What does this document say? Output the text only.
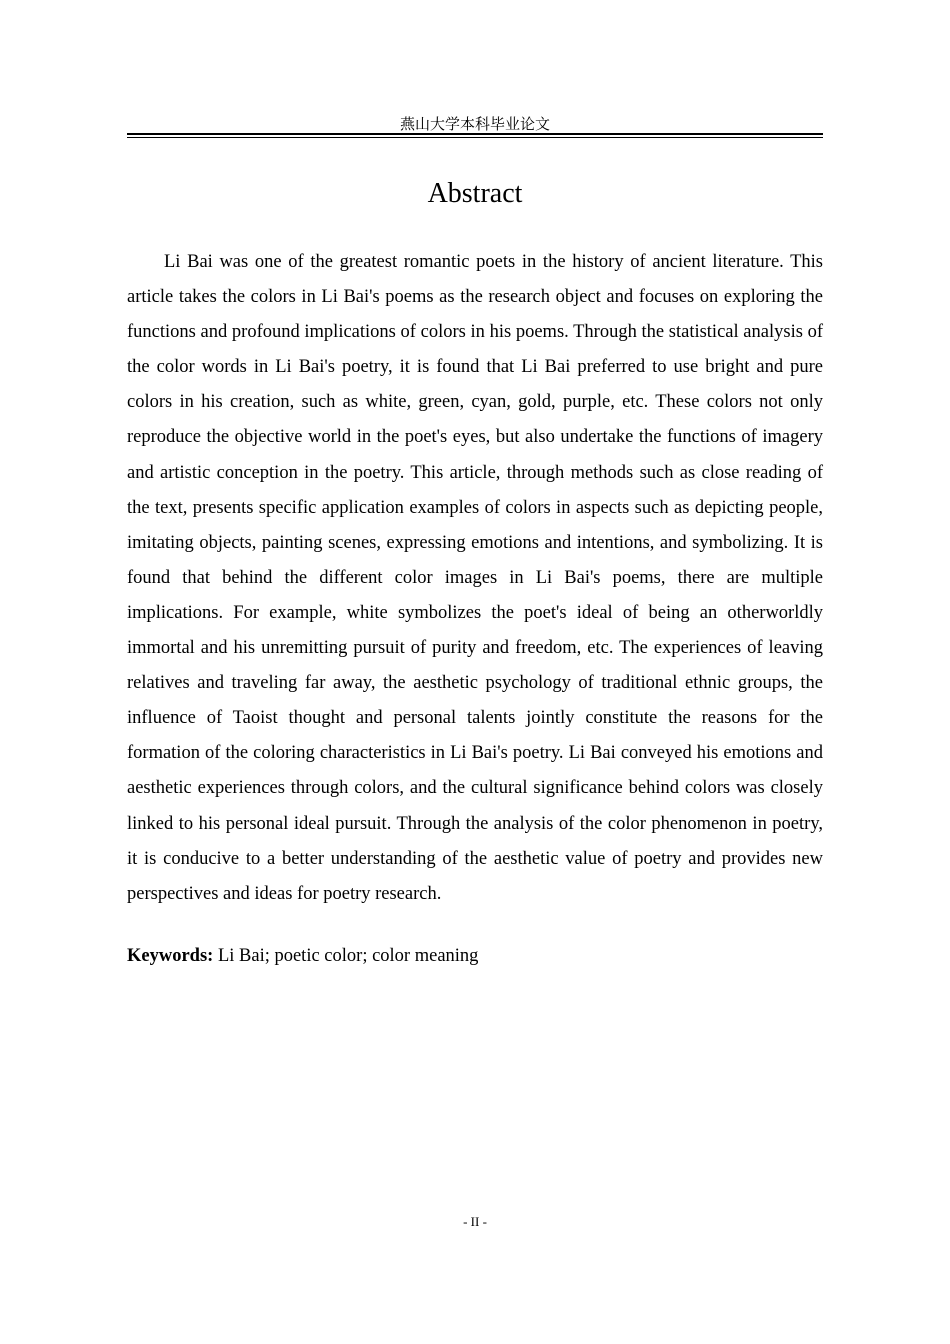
燕山大学本科毕业论文
Abstract

Li Bai was one of the greatest romantic poets in the history of ancient literature. This article takes the colors in Li Bai's poems as the research object and focuses on exploring the functions and profound implications of colors in his poems. Through the statistical analysis of the color words in Li Bai's poetry, it is found that Li Bai preferred to use bright and pure colors in his creation, such as white, green, cyan, gold, purple, etc. These colors not only reproduce the objective world in the poet's eyes, but also undertake the functions of imagery and artistic conception in the poetry. This article, through methods such as close reading of the text, presents specific application examples of colors in aspects such as depicting people, imitating objects, painting scenes, expressing emotions and intentions, and symbolizing. It is found that behind the different color images in Li Bai's poems, there are multiple implications. For example, white symbolizes the poet's ideal of being an otherworldly immortal and his unremitting pursuit of purity and freedom, etc. The experiences of leaving relatives and traveling far away, the aesthetic psychology of traditional ethnic groups, the influence of Taoist thought and personal talents jointly constitute the reasons for the formation of the coloring characteristics in Li Bai's poetry. Li Bai conveyed his emotions and aesthetic experiences through colors, and the cultural significance behind colors was closely linked to his personal ideal pursuit. Through the analysis of the color phenomenon in poetry, it is conducive to a better understanding of the aesthetic value of poetry and provides new perspectives and ideas for poetry research.

Keywords: Li Bai; poetic color; color meaning

- II -
